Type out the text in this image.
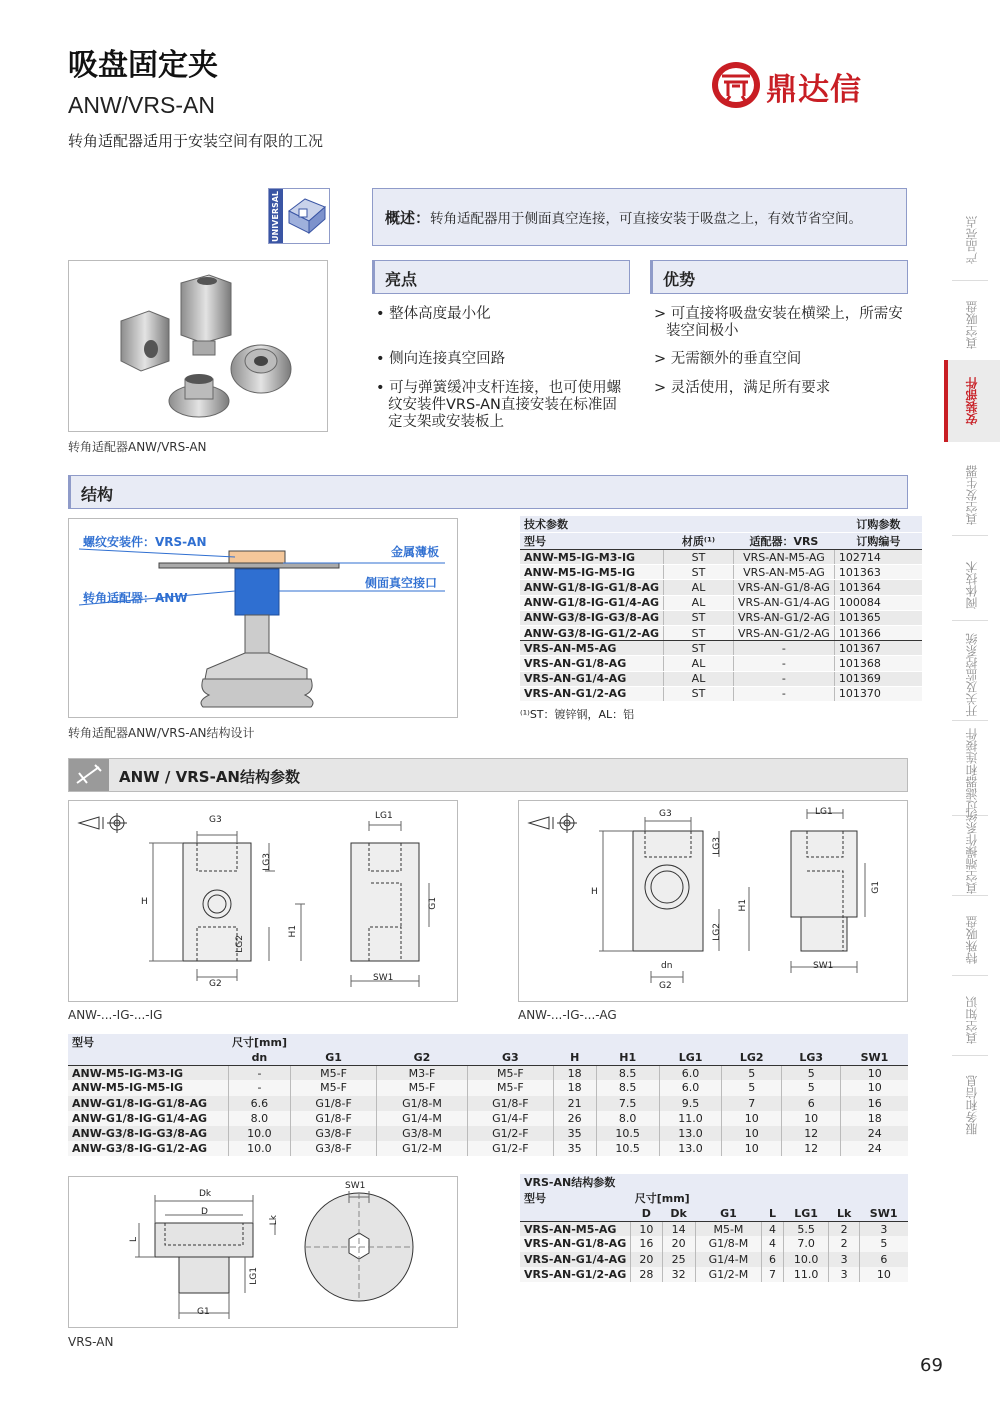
吸盘固定夹
ANW/VRS-AN
转角适配器适用于安装空间有限的工况
鼎达信
产品亮点
真空吸盘
安装部件
真空发生器
阀体技术
开关及监控系统
过滤器和连接件
真空端操作系统
特殊吸盘
真空知识
服务和信息
UNIVERSAL	概述：转角适配器用于侧面真空连接，可直接安装于吸盘之上，有效节省空间。
转角适配器ANW/VRS-AN
亮点	优势
• 整体高度最小化
• 侧向连接真空回路
• 可与弹簧缓冲支杆连接，也可使用螺纹安装件VRS-AN直接安装在标准固定支架或安装板上
> 可直接将吸盘安装在横梁上，所需安装空间极小
> 无需额外的垂直空间
> 灵活使用，满足所有要求
结构
螺纹安装件：VRS-AN
转角适配器：ANW
金属薄板
侧面真空接口
转角适配器ANW/VRS-AN结构设计
技术参数			订购参数
型号	材质⁽¹⁾	适配器：VRS	订购编号
ANW-M5-IG-M3-IG	ST	VRS-AN-M5-AG	102714
ANW-M5-IG-M5-IG	ST	VRS-AN-M5-AG	101363
ANW-G1/8-IG-G1/8-AG	AL	VRS-AN-G1/8-AG	101364
ANW-G1/8-IG-G1/4-AG	AL	VRS-AN-G1/4-AG	100084
ANW-G3/8-IG-G3/8-AG	ST	VRS-AN-G1/2-AG	101365
ANW-G3/8-IG-G1/2-AG	ST	VRS-AN-G1/2-AG	101366
VRS-AN-M5-AG	ST	-	101367
VRS-AN-G1/8-AG	AL	-	101368
VRS-AN-G1/4-AG	AL	-	101369
VRS-AN-G1/2-AG	ST	-	101370
⁽¹⁾ST：镀锌钢，AL：铝
ANW / VRS-AN结构参数
G3	LG1
H
LG3
H1
LG2
G1
G2
SW1
ANW-...-IG-...-IG
G3	LG1
H
LG3
H1
LG2
dn
G2
G1
SW1
ANW-...-IG-...-AG
型号	尺寸[mm]									
	dn	G1	G2	G3	H	H1	LG1	LG2	LG3	SW1
ANW-M5-IG-M3-IG	-	M5-F	M3-F	M5-F	18	8.5	6.0	5	5	10
ANW-M5-IG-M5-IG	-	M5-F	M5-F	M5-F	18	8.5	6.0	5	5	10
ANW-G1/8-IG-G1/8-AG	6.6	G1/8-F	G1/8-M	G1/8-F	21	7.5	9.5	7	6	16
ANW-G1/8-IG-G1/4-AG	8.0	G1/8-F	G1/4-M	G1/4-F	26	8.0	11.0	10	10	18
ANW-G3/8-IG-G3/8-AG	10.0	G3/8-F	G3/8-M	G1/2-F	35	10.5	13.0	10	12	24
ANW-G3/8-IG-G1/2-AG	10.0	G3/8-F	G1/2-M	G1/2-F	35	10.5	13.0	10	12	24
Dk
D
Lk
L
LG1
G1
SW1
VRS-AN
VRS-AN结构参数							
型号	尺寸[mm]						
	D	Dk	G1	L	LG1	Lk	SW1
VRS-AN-M5-AG	10	14	M5-M	4	5.5	2	3
VRS-AN-G1/8-AG	16	20	G1/8-M	4	7.0	2	5
VRS-AN-G1/4-AG	20	25	G1/4-M	6	10.0	3	6
VRS-AN-G1/2-AG	28	32	G1/2-M	7	11.0	3	10
69
